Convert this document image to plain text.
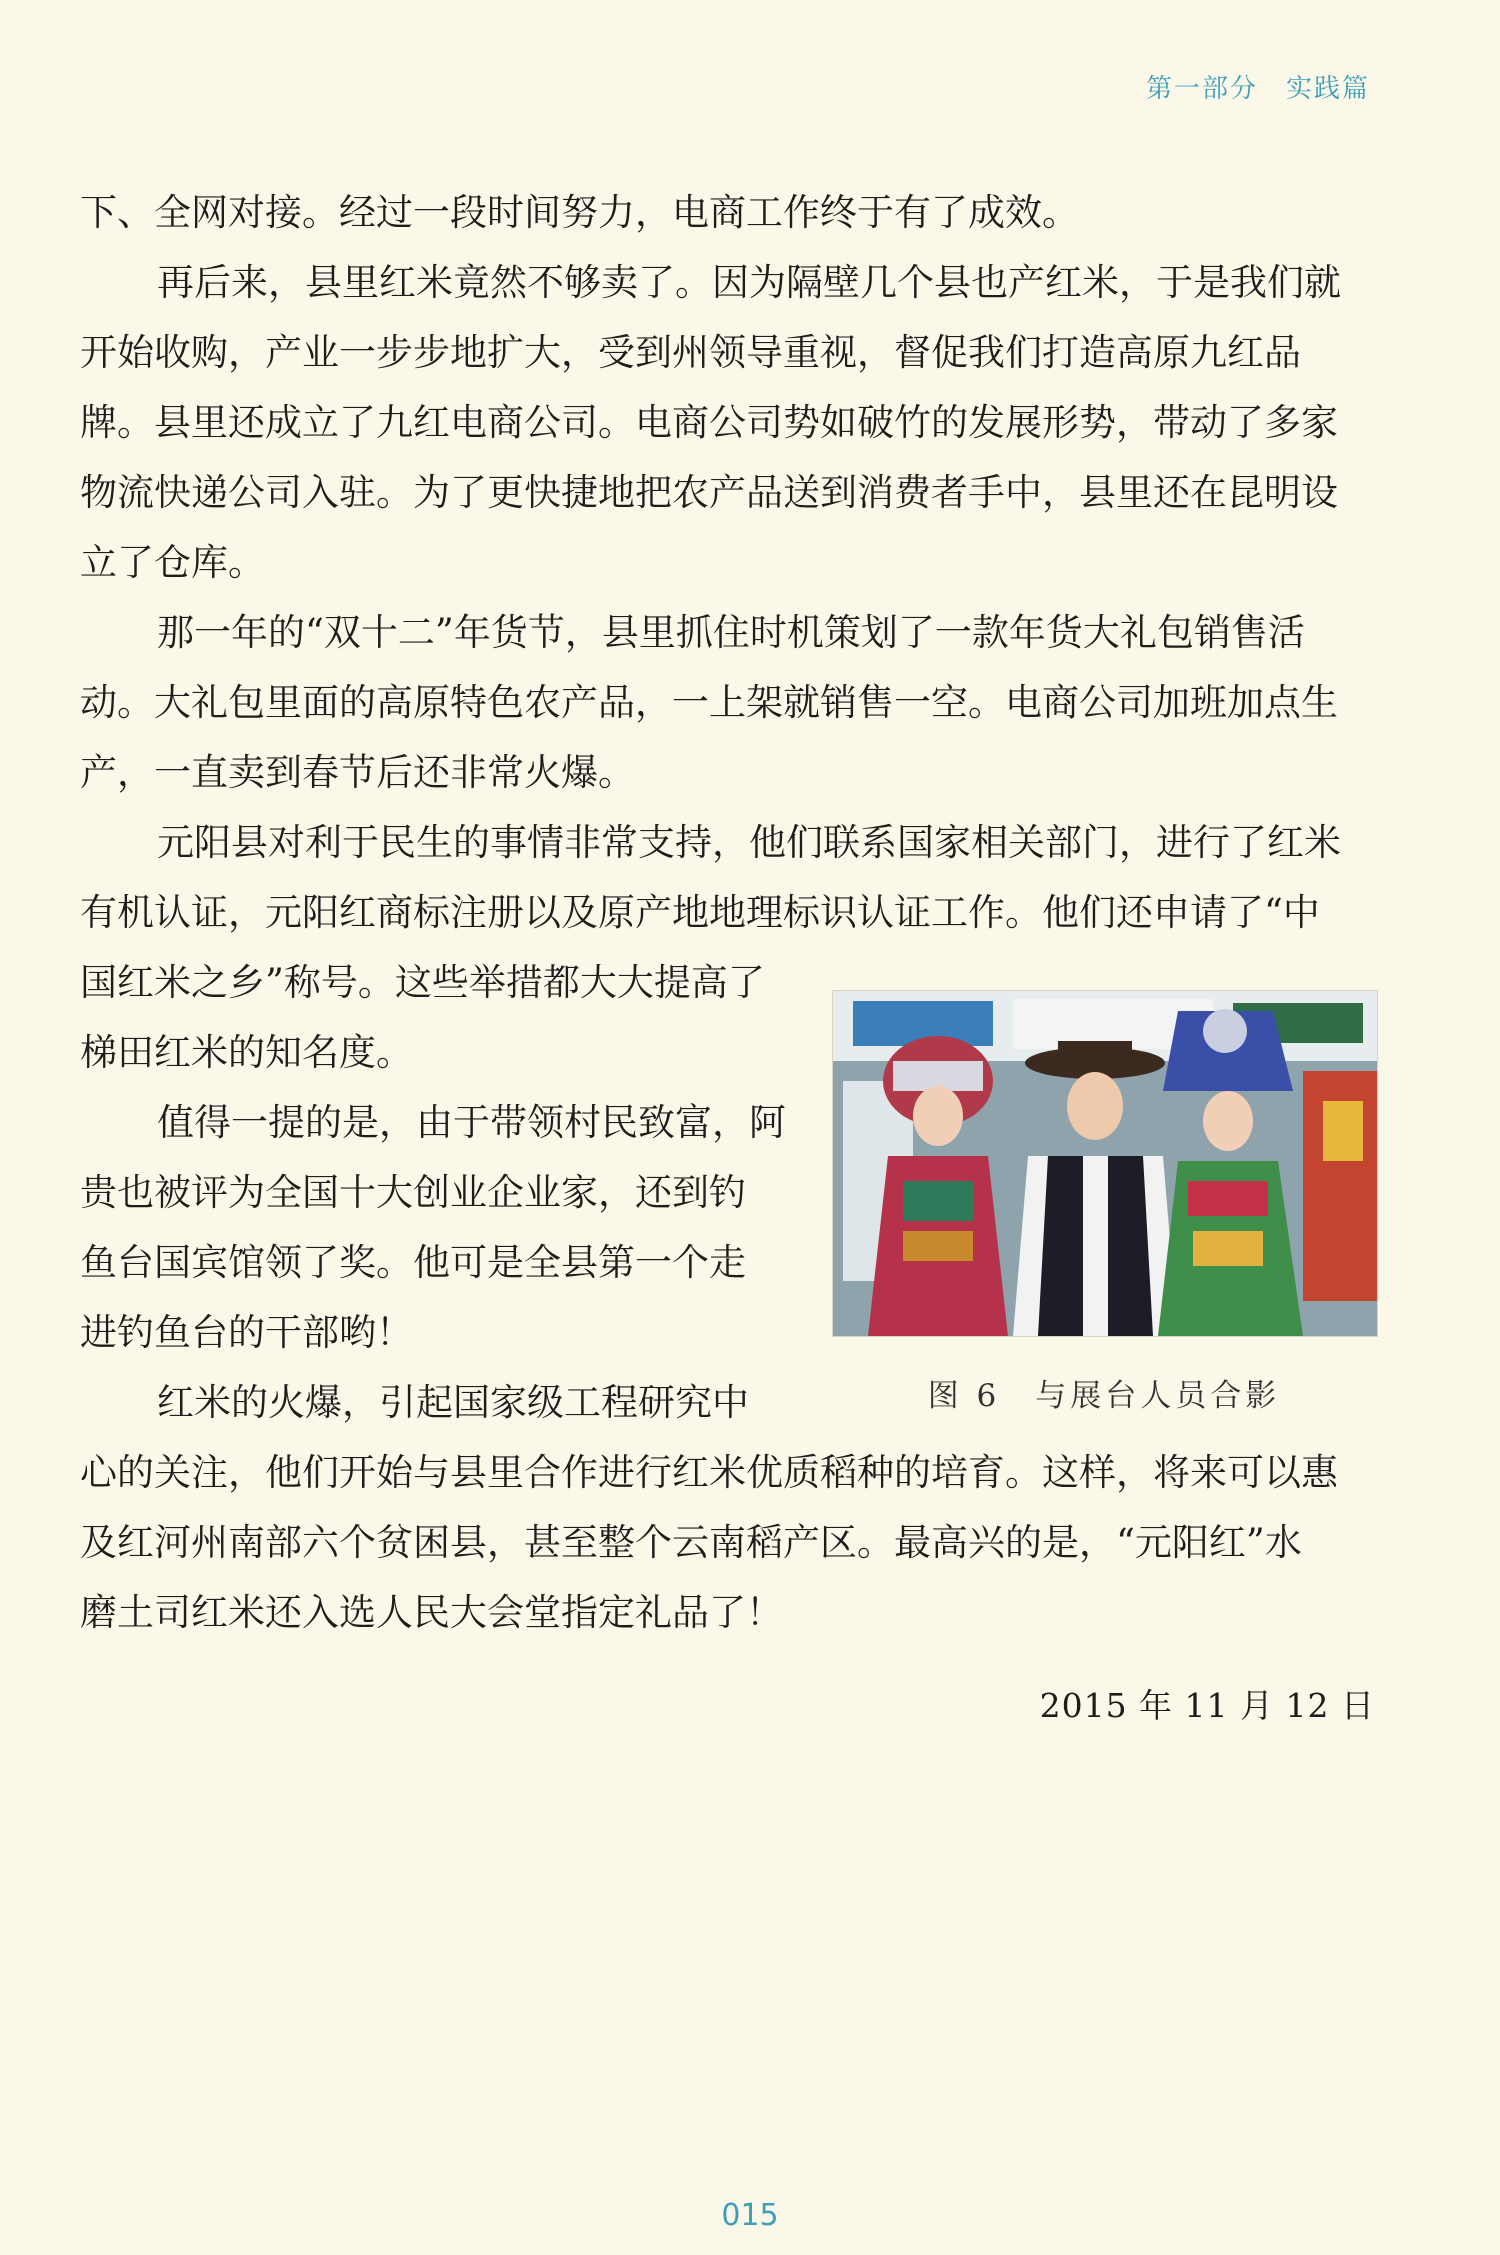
第一部分　实践篇

下、全网对接。经过一段时间努力，电商工作终于有了成效。

再后来，县里红米竟然不够卖了。因为隔壁几个县也产红米，于是我们就
开始收购，产业一步步地扩大，受到州领导重视，督促我们打造高原九红品
牌。县里还成立了九红电商公司。电商公司势如破竹的发展形势，带动了多家
物流快递公司入驻。为了更快捷地把农产品送到消费者手中，县里还在昆明设
立了仓库。

那一年的“双十二”年货节，县里抓住时机策划了一款年货大礼包销售活
动。大礼包里面的高原特色农产品，一上架就销售一空。电商公司加班加点生
产，一直卖到春节后还非常火爆。

元阳县对利于民生的事情非常支持，他们联系国家相关部门，进行了红米
有机认证，元阳红商标注册以及原产地地理标识认证工作。他们还申请了“中
国红米之乡”称号。这些举措都大大提高了
梯田红米的知名度。

值得一提的是，由于带领村民致富，阿
贵也被评为全国十大创业企业家，还到钓
鱼台国宾馆领了奖。他可是全县第一个走
进钓鱼台的干部哟！

红米的火爆，引起国家级工程研究中
心的关注，他们开始与县里合作进行红米优质稻种的培育。这样，将来可以惠
及红河州南部六个贫困县，甚至整个云南稻产区。最高兴的是，“元阳红”水
磨土司红米还入选人民大会堂指定礼品了！

图 6　与展台人员合影
2015 年 11 月 12 日
015
